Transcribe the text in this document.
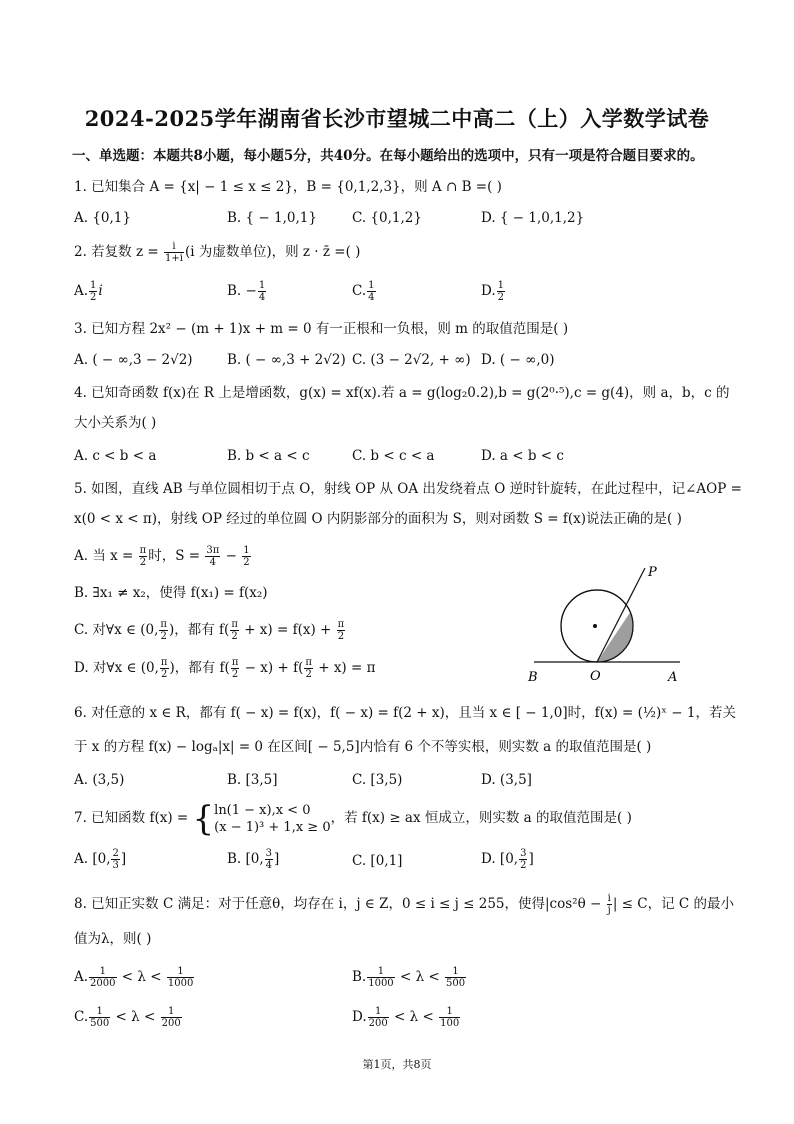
2024-2025学年湖南省长沙市望城二中高二（上）入学数学试卷
一、单选题：本题共8小题，每小题5分，共40分。在每小题给出的选项中，只有一项是符合题目要求的。
1. 已知集合 A = {x| − 1 ≤ x ≤ 2}，B = {0,1,2,3}，则 A ∩ B =( )
A. {0,1}	B. { − 1,0,1}	C. {0,1,2}	D. { − 1,0,1,2}
2. 若复数 $z = \frac{i}{1+i} (i$ 为虚数单位)，则 z · z̄ =( )
A. $\frac{1}{2}$ i	B. − $\frac{1}{4}$	C. $\frac{1}{4}$	D. $\frac{1}{2}$
3. 已知方程 2x² − (m + 1)x + m = 0 有一正根和一负根，则 m 的取值范围是( )
A. ( − ∞,3 − 2√2)	B. ( − ∞,3 + 2√2) C. (3 − 2√2, + ∞) D. ( − ∞,0)
4. 已知奇函数 f(x)在 R 上是增函数，g(x) = xf(x).若 a = g(log₂0.2),b = g(2⁰·⁵),c = g(4)，则 a，b，c 的
大小关系为( )
A. c < b < a	B. b < a < c	C. b < c < a	D. a < b < c
5. 如图，直线 AB 与单位圆相切于点 O，射线 OP 从 OA 出发绕着点 O 逆时针旋转，在此过程中，记∠AOP =
x(0 < x < π)，射线 OP 经过的单位圆 O 内阴影部分的面积为 S，则对函数 S = f(x)说法正确的是( )
A. 当 $x = \frac{\pi}{2}$ 时，$S = \frac{3\pi}{4} - \frac{1}{2}$
B. ∃x₁ ≠ x₂，使得 f(x₁) = f(x₂)
C. 对∀x ∈ (0, $\frac{\pi}{2}$ )，都有 $f( \frac{\pi}{2} + x) = f(x) + \frac{\pi}{2}$
D. 对∀x ∈ (0, $\frac{\pi}{2}$ )，都有 $f( \frac{\pi}{2} - x) + f( \frac{\pi}{2} + x) = \pi$
P
B	O	A
6. 对任意的 x ∈ R，都有 f( − x) = f(x)，f( − x) = f(2 + x)，且当 x ∈ [ − 1,0]时，f(x) = (½)ˣ − 1，若关
于 x 的方程 f(x) − logₐ|x| = 0 在区间[ − 5,5]内恰有 6 个不等实根，则实数 a 的取值范围是( )
A. (3,5)	B. [3,5]	C. [3,5)	D. (3,5]
7. 已知函数 f(x) = { ln(1 − x),x < 0
(x − 1)³ + 1,x ≥ 0
，若 f(x) ≥ ax 恒成立，则实数 a 的取值范围是( )
A. [0, $\frac{2}{3}$ ]	B. [0, $\frac{3}{4}$ ]	C. [0,1]	D. [0, $\frac{3}{2}$ ]
8. 已知正实数 C 满足：对于任意θ，均存在 i，j ∈ Z，0 ≤ i ≤ j ≤ 255，使得$|\cos^2\theta - \frac{i}{j}$ | ≤ C，记 C 的最小
值为λ，则( )
A. $\frac{1}{2000} < \lambda < \frac{1}{1000}$	B. $\frac{1}{1000} < \lambda < \frac{1}{500}$
C. $\frac{1}{500} < \lambda < \frac{1}{200}$	D. $\frac{1}{200} < \lambda < \frac{1}{100}$
第1页，共8页
